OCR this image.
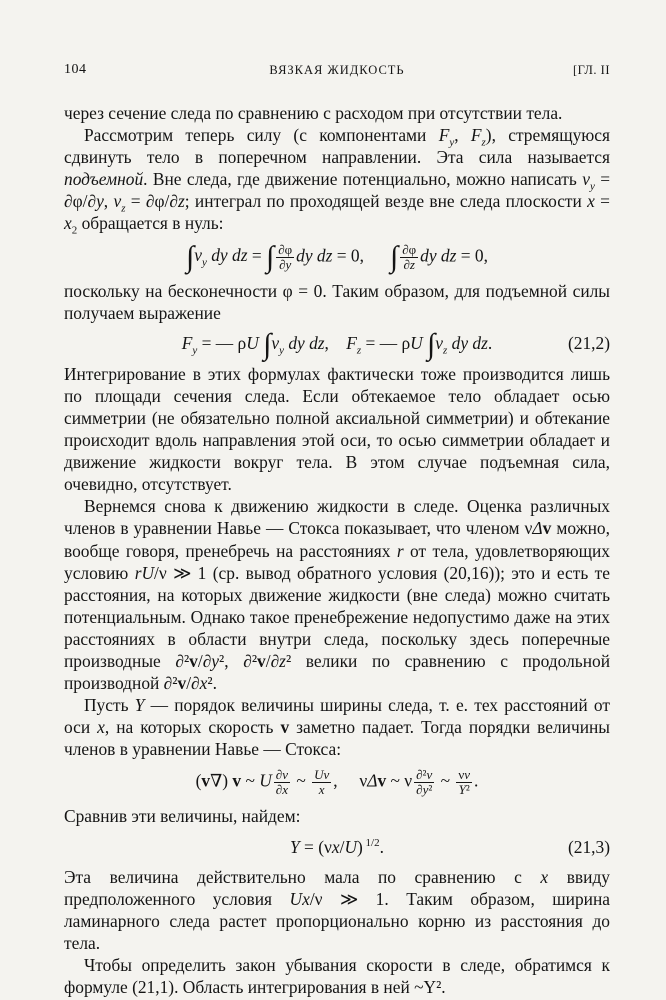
104	ВЯЗКАЯ ЖИДКОСТЬ	[ГЛ. II

через сечение следа по сравнению с расходом при отсутствии тела.

Рассмотрим теперь силу (с компонентами $F_y$, $F_z$), стремящуюся сдвинуть тело в поперечном направлении. Эта сила называется подъемной. Вне следа, где движение потенциально, можно написать $v_y = \partial\varphi/\partial y$, $v_z = \partial\varphi/\partial z$; интеграл по проходящей везде вне следа плоскости $x = x_2$ обращается в нуль:

$\int v_y$ dy dz = ∫ $\frac{\partial\varphi}{\partial y}$ dy dz = 0,      ∫ $\frac{\partial\varphi}{\partial z}$ dy dz = 0,

поскольку на бесконечности φ = 0. Таким образом, для подъемной силы получаем выражение

$F_y$ = — ρU $\int v_y$ dy dz,    $F_z$ = — ρU $\int v_z$ dy dz.	(21,2)

Интегрирование в этих формулах фактически тоже производится лишь по площади сечения следа. Если обтекаемое тело обладает осью симметрии (не обязательно полной аксиальной симметрии) и обтекание происходит вдоль направления этой оси, то осью симметрии обладает и движение жидкости вокруг тела. В этом случае подъемная сила, очевидно, отсутствует.

Вернемся снова к движению жидкости в следе. Оценка различных членов в уравнении Навье — Стокса показывает, что членом νΔv можно, вообще говоря, пренебречь на расстояниях r от тела, удовлетворяющих условию rU/ν ≫ 1 (ср. вывод обратного условия (20,16)); это и есть те расстояния, на которых движение жидкости (вне следа) можно считать потенциальным. Однако такое пренебрежение недопустимо даже на этих расстояниях в области внутри следа, поскольку здесь поперечные производные ∂²v/∂y², ∂²v/∂z² велики по сравнению с продольной производной ∂²v/∂x².

Пусть Y — порядок величины ширины следа, т. е. тех расстояний от оси x, на которых скорость v заметно падает. Тогда порядки величины членов в уравнении Навье — Стокса:

(v∇) v ~ U $\frac{\partial v}{\partial x}$ ~ $\frac{Uv}{x}$ ,     νΔv ~ ν $\frac{\text{∂²v}}{\text{∂y²}}$ ~ $\frac{\nu v}{\text{Y²}}$ .

Сравнив эти величины, найдем:

Y = (νx/U) $^{1/2}$.	(21,3)

Эта величина действительно мала по сравнению с x ввиду предположенного условия Ux/ν ≫ 1. Таким образом, ширина ламинарного следа растет пропорционально корню из расстояния до тела.

Чтобы определить закон убывания скорости в следе, обратимся к формуле (21,1). Область интегрирования в ней ~Y².
